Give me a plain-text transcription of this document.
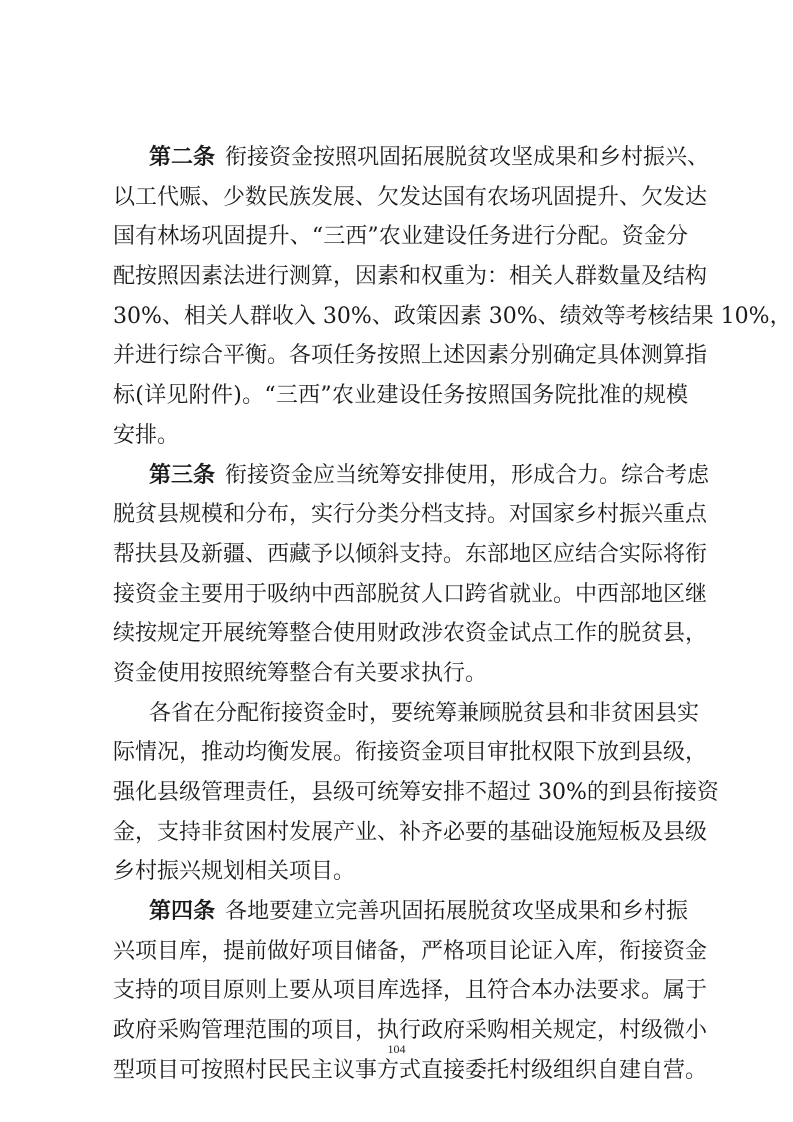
第二条 衔接资金按照巩固拓展脱贫攻坚成果和乡村振兴、
以工代赈、少数民族发展、欠发达国有农场巩固提升、欠发达
国有林场巩固提升、“三西”农业建设任务进行分配。资金分
配按照因素法进行测算，因素和权重为：相关人群数量及结构
30%、相关人群收入 30%、政策因素 30%、绩效等考核结果 10%，
并进行综合平衡。各项任务按照上述因素分别确定具体测算指
标(详见附件)。“三西”农业建设任务按照国务院批准的规模
安排。
第三条 衔接资金应当统筹安排使用，形成合力。综合考虑
脱贫县规模和分布，实行分类分档支持。对国家乡村振兴重点
帮扶县及新疆、西藏予以倾斜支持。东部地区应结合实际将衔
接资金主要用于吸纳中西部脱贫人口跨省就业。中西部地区继
续按规定开展统筹整合使用财政涉农资金试点工作的脱贫县，
资金使用按照统筹整合有关要求执行。
各省在分配衔接资金时，要统筹兼顾脱贫县和非贫困县实
际情况，推动均衡发展。衔接资金项目审批权限下放到县级，
强化县级管理责任，县级可统筹安排不超过 30%的到县衔接资
金，支持非贫困村发展产业、补齐必要的基础设施短板及县级
乡村振兴规划相关项目。
第四条 各地要建立完善巩固拓展脱贫攻坚成果和乡村振
兴项目库，提前做好项目储备，严格项目论证入库，衔接资金
支持的项目原则上要从项目库选择，且符合本办法要求。属于
政府采购管理范围的项目，执行政府采购相关规定，村级微小
型项目可按照村民民主议事方式直接委托村级组织自建自营。
104
